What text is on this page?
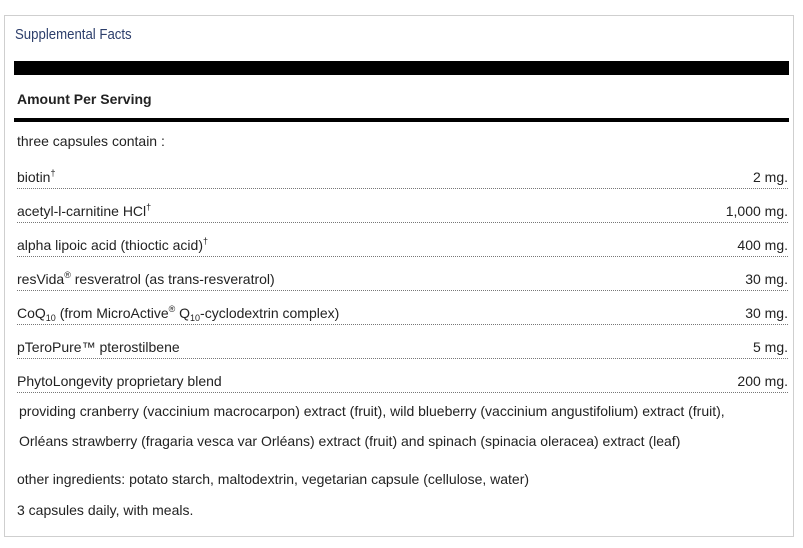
Supplemental Facts
Amount Per Serving
three capsules contain :
biotin†	2 mg.
acetyl-l-carnitine HCl†	1,000 mg.
alpha lipoic acid (thioctic acid)†	400 mg.
resVida® resveratrol (as trans-resveratrol)	30 mg.
CoQ$_{10}$ (from MicroActive® $Q_{10}$-cyclodextrin complex)	30 mg.
pTeroPure™ pterostilbene	5 mg.
PhytoLongevity proprietary blend	200 mg.
providing cranberry (vaccinium macrocarpon) extract (fruit), wild blueberry (vaccinium angustifolium) extract (fruit),
Orléans strawberry (fragaria vesca var Orléans) extract (fruit) and spinach (spinacia oleracea) extract (leaf)
other ingredients: potato starch, maltodextrin, vegetarian capsule (cellulose, water)
3 capsules daily, with meals.
